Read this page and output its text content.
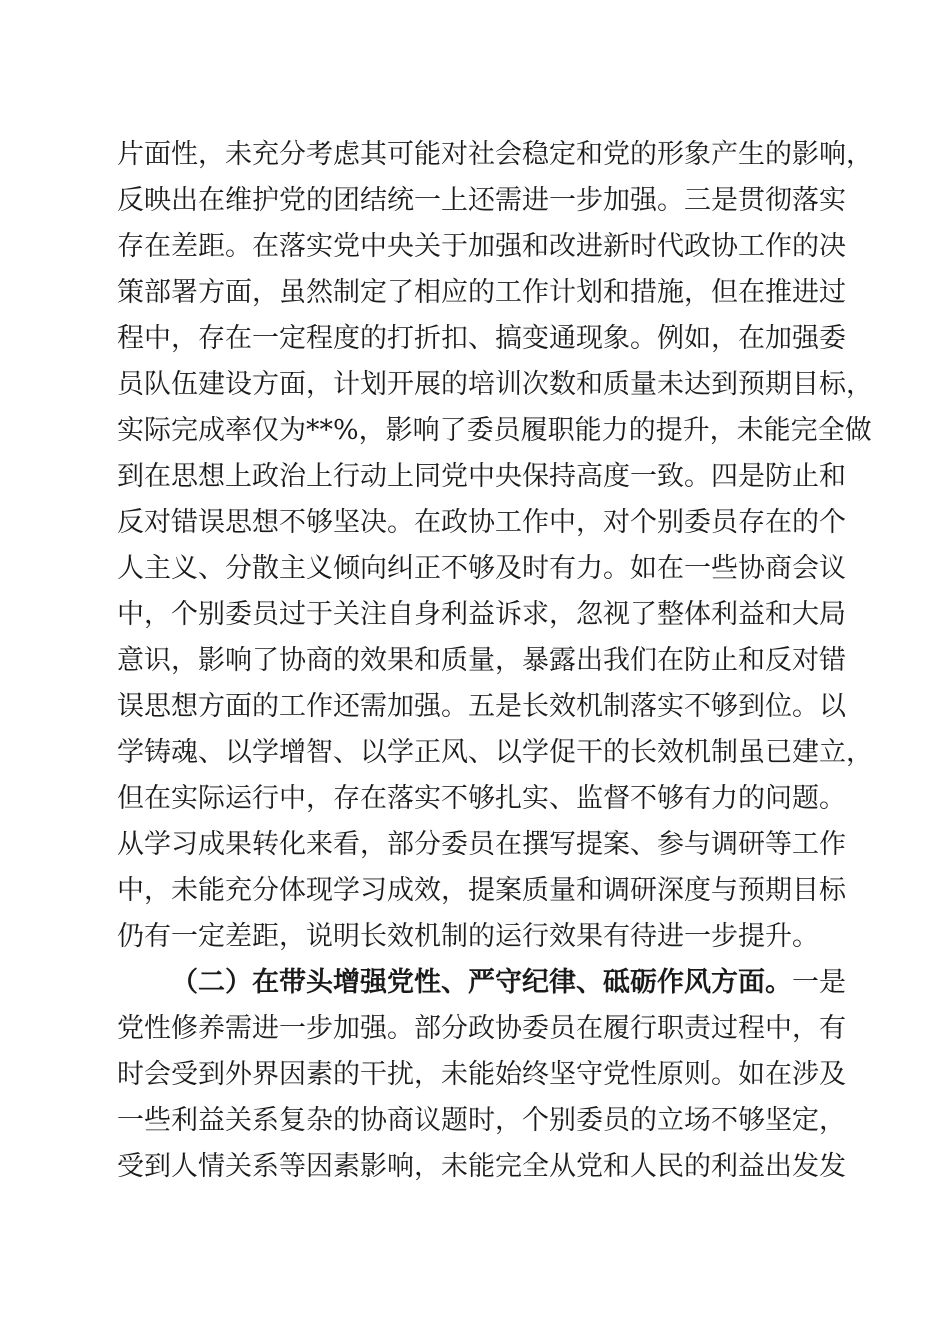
片面性，未充分考虑其可能对社会稳定和党的形象产生的影响，
反映出在维护党的团结统一上还需进一步加强。三是贯彻落实
存在差距。在落实党中央关于加强和改进新时代政协工作的决
策部署方面，虽然制定了相应的工作计划和措施，但在推进过
程中，存在一定程度的打折扣、搞变通现象。例如，在加强委
员队伍建设方面，计划开展的培训次数和质量未达到预期目标，
实际完成率仅为**%，影响了委员履职能力的提升，未能完全做
到在思想上政治上行动上同党中央保持高度一致。四是防止和
反对错误思想不够坚决。在政协工作中，对个别委员存在的个
人主义、分散主义倾向纠正不够及时有力。如在一些协商会议
中，个别委员过于关注自身利益诉求，忽视了整体利益和大局
意识，影响了协商的效果和质量，暴露出我们在防止和反对错
误思想方面的工作还需加强。五是长效机制落实不够到位。以
学铸魂、以学增智、以学正风、以学促干的长效机制虽已建立，
但在实际运行中，存在落实不够扎实、监督不够有力的问题。
从学习成果转化来看，部分委员在撰写提案、参与调研等工作
中，未能充分体现学习成效，提案质量和调研深度与预期目标
仍有一定差距，说明长效机制的运行效果有待进一步提升。
（二）在带头增强党性、严守纪律、砥砺作风方面。一是
党性修养需进一步加强。部分政协委员在履行职责过程中，有
时会受到外界因素的干扰，未能始终坚守党性原则。如在涉及
一些利益关系复杂的协商议题时，个别委员的立场不够坚定，
受到人情关系等因素影响，未能完全从党和人民的利益出发发
